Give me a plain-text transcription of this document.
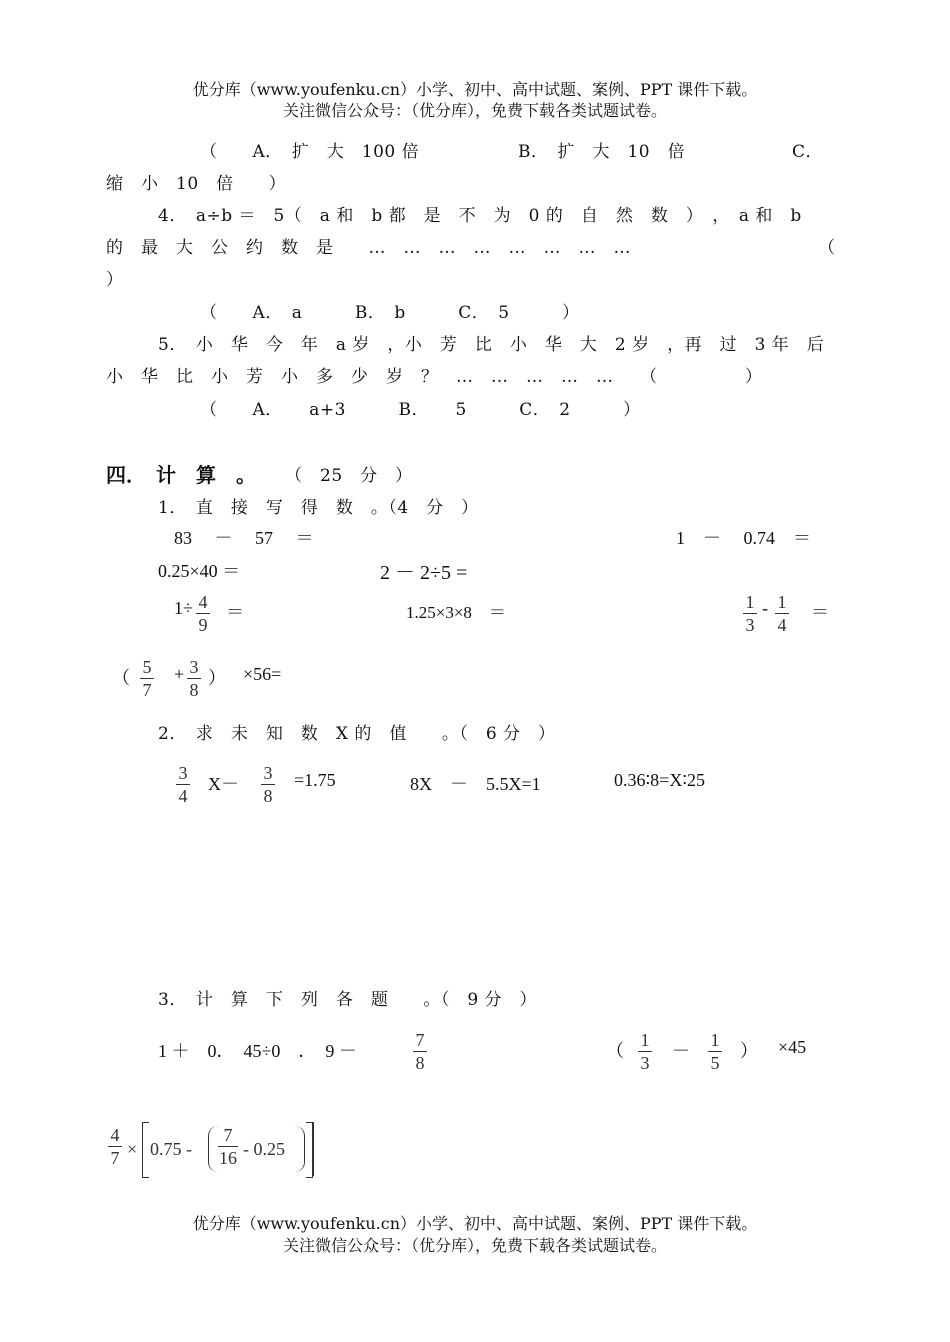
优分库（www.youfenku.cn）小学、初中、高中试题、案例、PPT 课件下载。
关注微信公众号：（优分库），免费下载各类试题试卷。
（　　A．　扩　大　100 倍	B．　扩　大　10　倍	C．
缩　小　10　倍　　）
4．　a÷b ＝　5（　a 和　b 都　是　不　为　0 的　自　然　数　）　，　a 和　b
的　最　大　公　约　数　是　　…　…　…　…　…　…　…　…	（
）
（　　A．　a　　　B．　b　　　C．　5　　　）
5．　小　华　今　年　a 岁　，小　芳　比　小　华　大　2 岁　，再　过　3 年　后
小　华　比　小　芳　小　多　少　岁　？　…　…　…　…　…　　（　　　　　）
（　　A．　　a+3　　　B．　　5　　　C．　2　　　）
四．　计　算　。 （　25　分　）
1．　直　接　写　得　数　。（4　分　）
83　 －　 57　 ＝	1　－　 0.74　＝
0.25×40 ＝	2 － 2÷5 =
1÷ 4
9
＝	1.25×3×8　＝
1
3
- 1
4
＝
（
5
7
+ 3
8
） ×56=
2．　求　未　知　数　X 的　值　　。（　6 分　）
3
4
X－
3
8
=1.75	8X　－　5.5X=1	0.36∶8=X∶25
3．　计　算　下　列　各　题　　。（　9 分　）
1 ＋　0．　45÷0　．　9 －
7
8
（
1
3
－
1
5
） ×45
4
7 × 0.75 -
7
16 - 0.25
优分库（www.youfenku.cn）小学、初中、高中试题、案例、PPT 课件下载。
关注微信公众号：（优分库），免费下载各类试题试卷。
